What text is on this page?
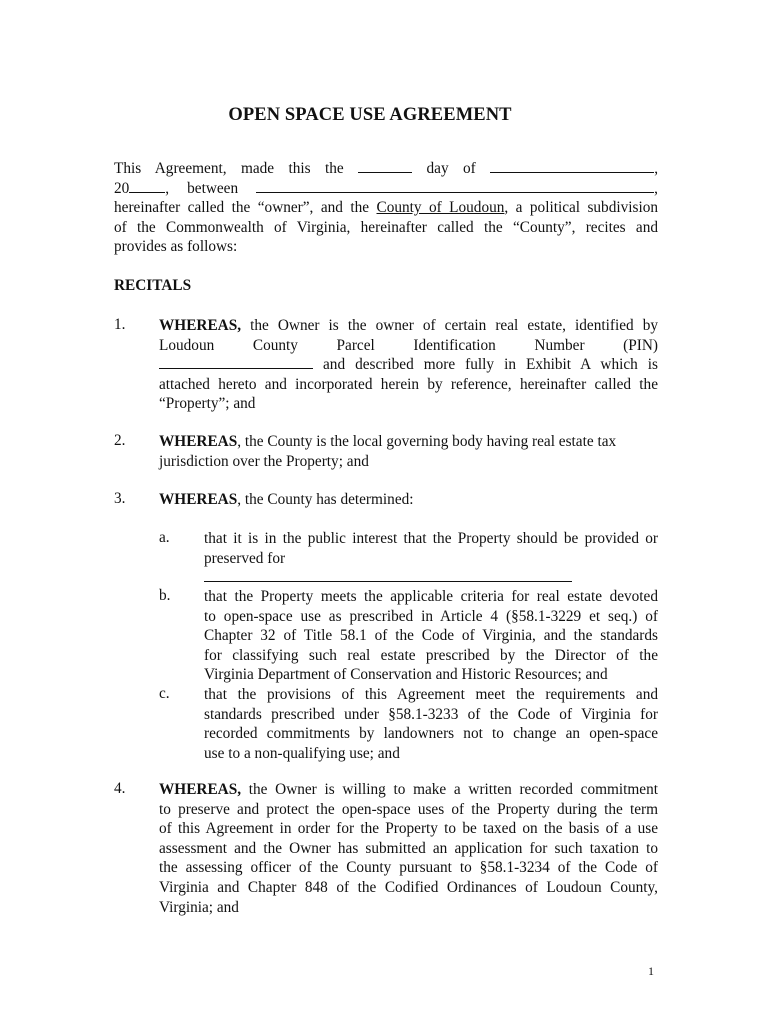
OPEN SPACE USE AGREEMENT
This Agreement, made this the	day of	,
20 , between	,
hereinafter called the “owner”, and the County of Loudoun, a political subdivision
of the Commonwealth of Virginia, hereinafter called the “County”, recites and
provides as follows:
RECITALS
1. WHEREAS, the Owner is the owner of certain real estate, identified by
Loudoun County Parcel Identification Number (PIN)
and described more fully in Exhibit A which is
attached hereto and incorporated herein by reference, hereinafter called the
“Property”; and
2. WHEREAS, the County is the local governing body having real estate tax
jurisdiction over the Property; and
3. WHEREAS, the County has determined:
a. that it is in the public interest that the Property should be provided or
preserved for
b. that the Property meets the applicable criteria for real estate devoted
to open-space use as prescribed in Article 4 (§58.1-3229 et seq.) of
Chapter 32 of Title 58.1 of the Code of Virginia, and the standards
for classifying such real estate prescribed by the Director of the
Virginia Department of Conservation and Historic Resources; and
c. that the provisions of this Agreement meet the requirements and
standards prescribed under §58.1-3233 of the Code of Virginia for
recorded commitments by landowners not to change an open-space
use to a non-qualifying use; and
4. WHEREAS, the Owner is willing to make a written recorded commitment
to preserve and protect the open-space uses of the Property during the term
of this Agreement in order for the Property to be taxed on the basis of a use
assessment and the Owner has submitted an application for such taxation to
the assessing officer of the County pursuant to §58.1-3234 of the Code of
Virginia and Chapter 848 of the Codified Ordinances of Loudoun County,
Virginia; and
1
